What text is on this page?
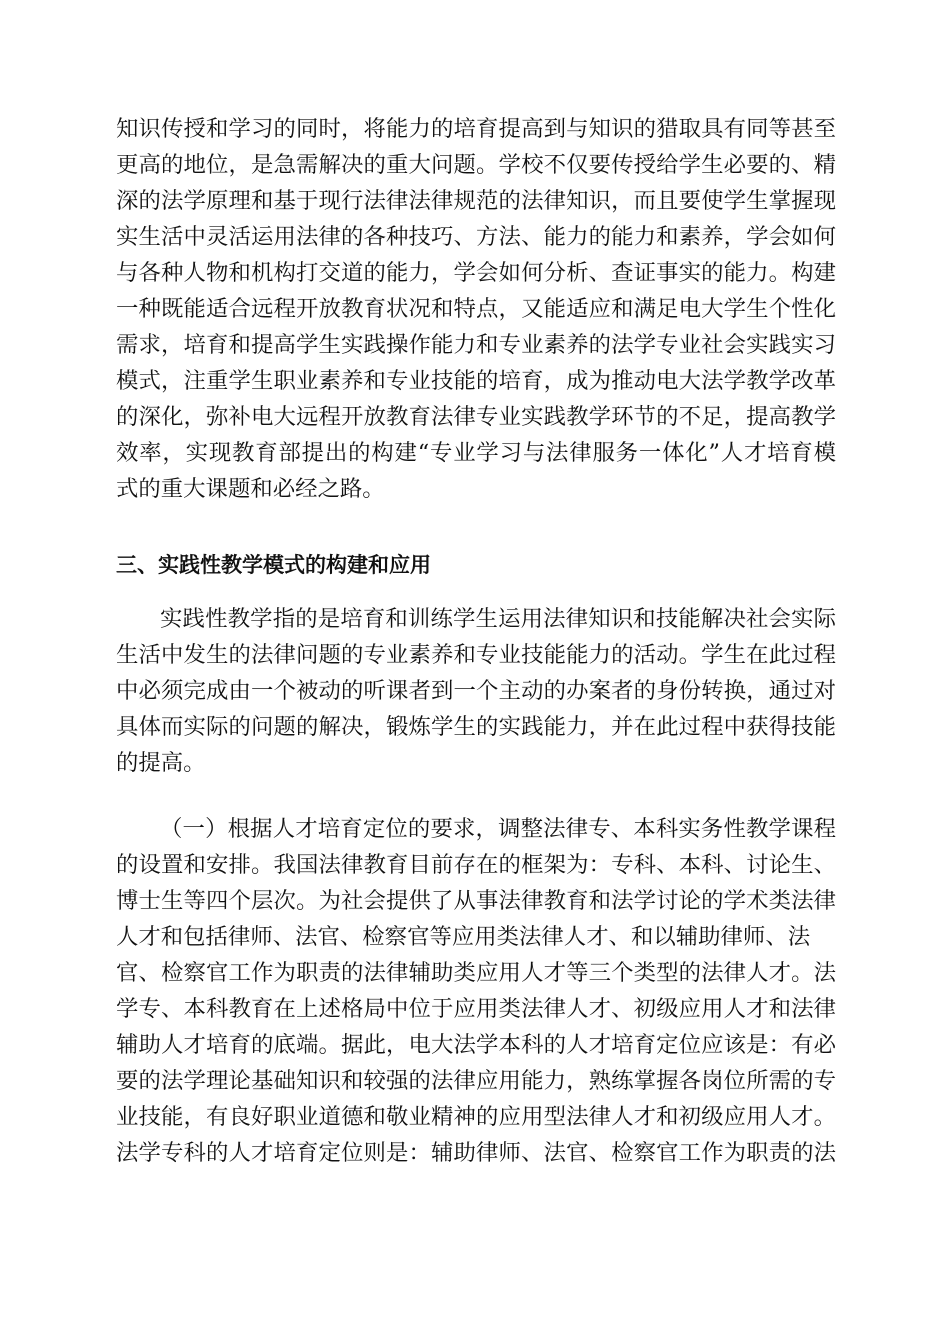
知识传授和学习的同时，将能力的培育提高到与知识的猎取具有同等甚至
更高的地位，是急需解决的重大问题。学校不仅要传授给学生必要的、精
深的法学原理和基于现行法律法律规范的法律知识，而且要使学生掌握现
实生活中灵活运用法律的各种技巧、方法、能力的能力和素养，学会如何
与各种人物和机构打交道的能力，学会如何分析、查证事实的能力。构建
一种既能适合远程开放教育状况和特点，又能适应和满足电大学生个性化
需求，培育和提高学生实践操作能力和专业素养的法学专业社会实践实习
模式，注重学生职业素养和专业技能的培育，成为推动电大法学教学改革
的深化，弥补电大远程开放教育法律专业实践教学环节的不足，提高教学
效率，实现教育部提出的构建“专业学习与法律服务一体化”人才培育模
式的重大课题和必经之路。
三、实践性教学模式的构建和应用
实践性教学指的是培育和训练学生运用法律知识和技能解决社会实际
生活中发生的法律问题的专业素养和专业技能能力的活动。学生在此过程
中必须完成由一个被动的听课者到一个主动的办案者的身份转换，通过对
具体而实际的问题的解决，锻炼学生的实践能力，并在此过程中获得技能
的提高。
（一）根据人才培育定位的要求，调整法律专、本科实务性教学课程
的设置和安排。我国法律教育目前存在的框架为：专科、本科、讨论生、
博士生等四个层次。为社会提供了从事法律教育和法学讨论的学术类法律
人才和包括律师、法官、检察官等应用类法律人才、和以辅助律师、法
官、检察官工作为职责的法律辅助类应用人才等三个类型的法律人才。法
学专、本科教育在上述格局中位于应用类法律人才、初级应用人才和法律
辅助人才培育的底端。据此，电大法学本科的人才培育定位应该是：有必
要的法学理论基础知识和较强的法律应用能力，熟练掌握各岗位所需的专
业技能，有良好职业道德和敬业精神的应用型法律人才和初级应用人才。
法学专科的人才培育定位则是：辅助律师、法官、检察官工作为职责的法
